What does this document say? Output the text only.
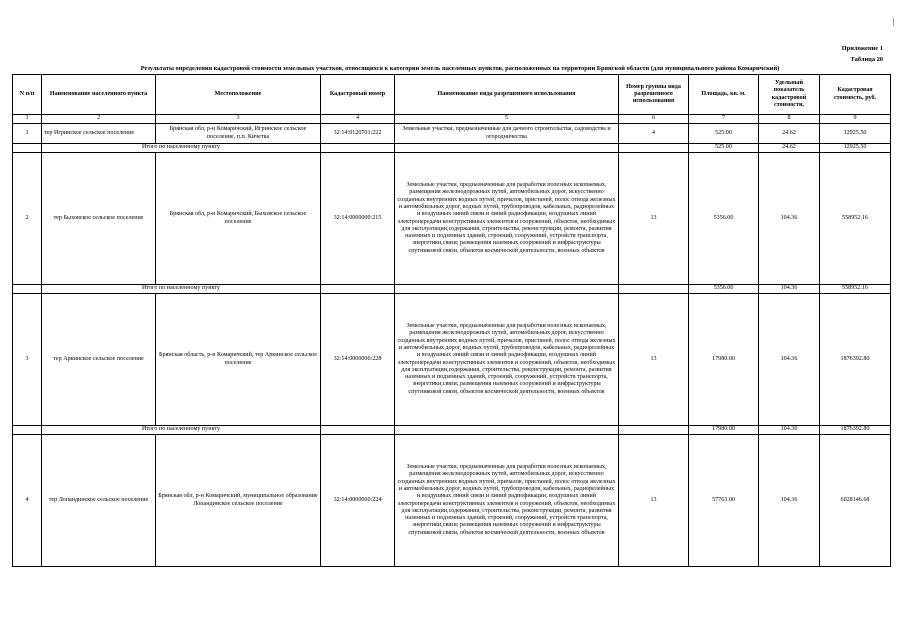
|
Приложение 1
Таблица 20
Результаты определения кадастровой стоимости земельных участков, относящихся к категории земель населенных пунктов, расположенных на территории Брянской области (для муниципального района Комаричский)
N п/п	Наименование населенного пункта	Местоположение	Кадастровый номер	Наименование вида разрешенного использования	Номер группы вида разрешенного использования	Площадь, кв. м.	Удельный показатель кадастровой стоимости,	Кадастровая стоимость, руб.
1	2	3	4	5	6	7	8	9
1	тер Игринское сельское поселение	Брянская обл, р-н Комаричский, Игринское сельское поселение, п.п. Кичетка	32:14:0120701:222	Земельные участки, предназначенные для дачного строительства, садоводства и огородничества	4	525.00	24.62	12925.50
	Итого по населенному пункту					525.00	24.62	12925.50
2	тер Быховское сельское поселение	Брянская обл, р-н Комаричский, Быховское сельское поселение	32:14:0000000:215	Земельные участки, предназначенные для разработки полезных ископаемых, размещения железнодорожных путей, автомобильных дорог, искусственно созданных внутренних водных путей, причалов, пристаней, полос отвода железных и автомобильных дорог, водных путей, трубопроводов, кабельных, радиорелейных и воздушных линий связи и линий радиофикации, воздушных линий электропередачи конструктивных элементов и сооружений, объектов, необходимых для эксплуатации,содержания, строительства, реконструкции, ремонта, развития наземных и подземных зданий, строений, сооружений, устройств транспорта, энергетики,связи; размещения наземных сооружений и инфраструктуры спутниковой связи, объектов космической деятельности, военных объектов	13	5356.00	104.36	558952.16
	Итого по населенному пункту					5356.00	104.36	558952.16
3	тер Аркинское сельское поселение	Брянская область, р-н Комаричский, тер Аркинское сельское поселение	32:14:0000000:228	Земельные участки, предназначенные для разработки полезных ископаемых, размещения железнодорожных путей, автомобильных дорог, искусственно созданных внутренних водных путей, причалов, пристаней, полос отвода железных и автомобильных дорог, водных путей, трубопроводов, кабельных, радиорелейных и воздушных линий связи и линий радиофикации, воздушных линий электропередачи конструктивных элементов и сооружений, объектов, необходимых для эксплуатации,содержания, строительства, реконструкции, ремонта, развития наземных и подземных зданий, строений, сооружений, устройств транспорта, энергетики,связи; размещения наземных сооружений и инфраструктуры спутниковой связи, объектов космической деятельности, военных объектов	13	17980.00	104.36	1876392.80
	Итого по населенному пункту					17980.00	104.36	1876392.80
4	тер Лопандинское сельское поселение	Брянская обл, р-н Комаричский, муниципальное образование Лопандинское сельское поселение	32:14:0000000:224	Земельные участки, предназначенные для разработки полезных ископаемых, размещения железнодорожных путей, автомобильных дорог, искусственно созданных внутренних водных путей, причалов, пристаней, полос отвода железных и автомобильных дорог, водных путей, трубопроводов, кабельных, радиорелейных и воздушных линий связи и линий радиофикации, воздушных линий электропередачи конструктивных элементов и сооружений, объектов, необходимых для эксплуатации,содержания, строительства, реконструкции, ремонта, развития наземных и подземных зданий, строений, сооружений, устройств транспорта, энергетики,связи; размещения наземных сооружений и инфраструктуры спутниковой связи, объектов космической деятельности, военных объектов	13	57763.00	104.36	6028146.68
